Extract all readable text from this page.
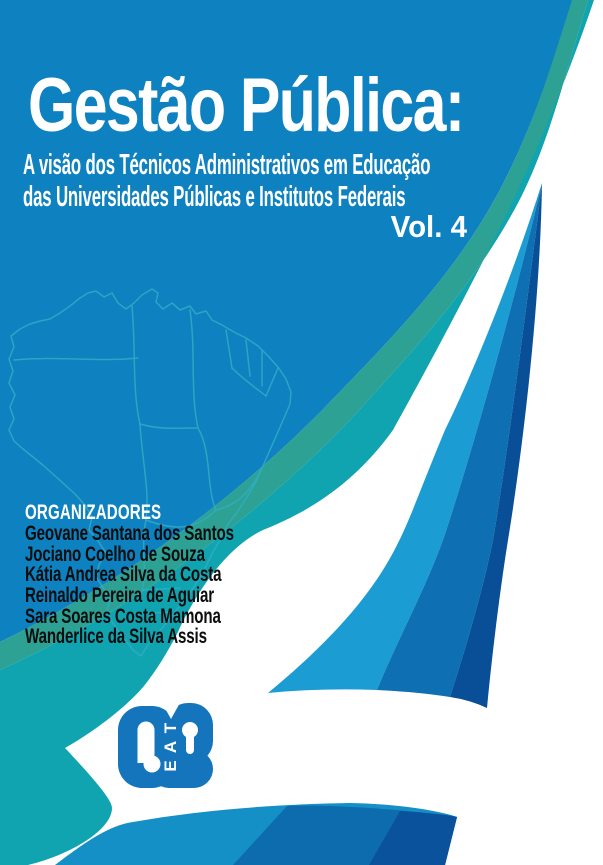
T
A
E
Gestão Pública:
A visão dos Técnicos Administrativos em Educação
das Universidades Públicas e Institutos Federais
Vol. 4
ORGANIZADORES
Geovane Santana dos Santos
Jociano Coelho de Souza
Kátia Andrea Silva da Costa
Reinaldo Pereira de Aguiar
Sara Soares Costa Mamona
Wanderlice da Silva Assis
